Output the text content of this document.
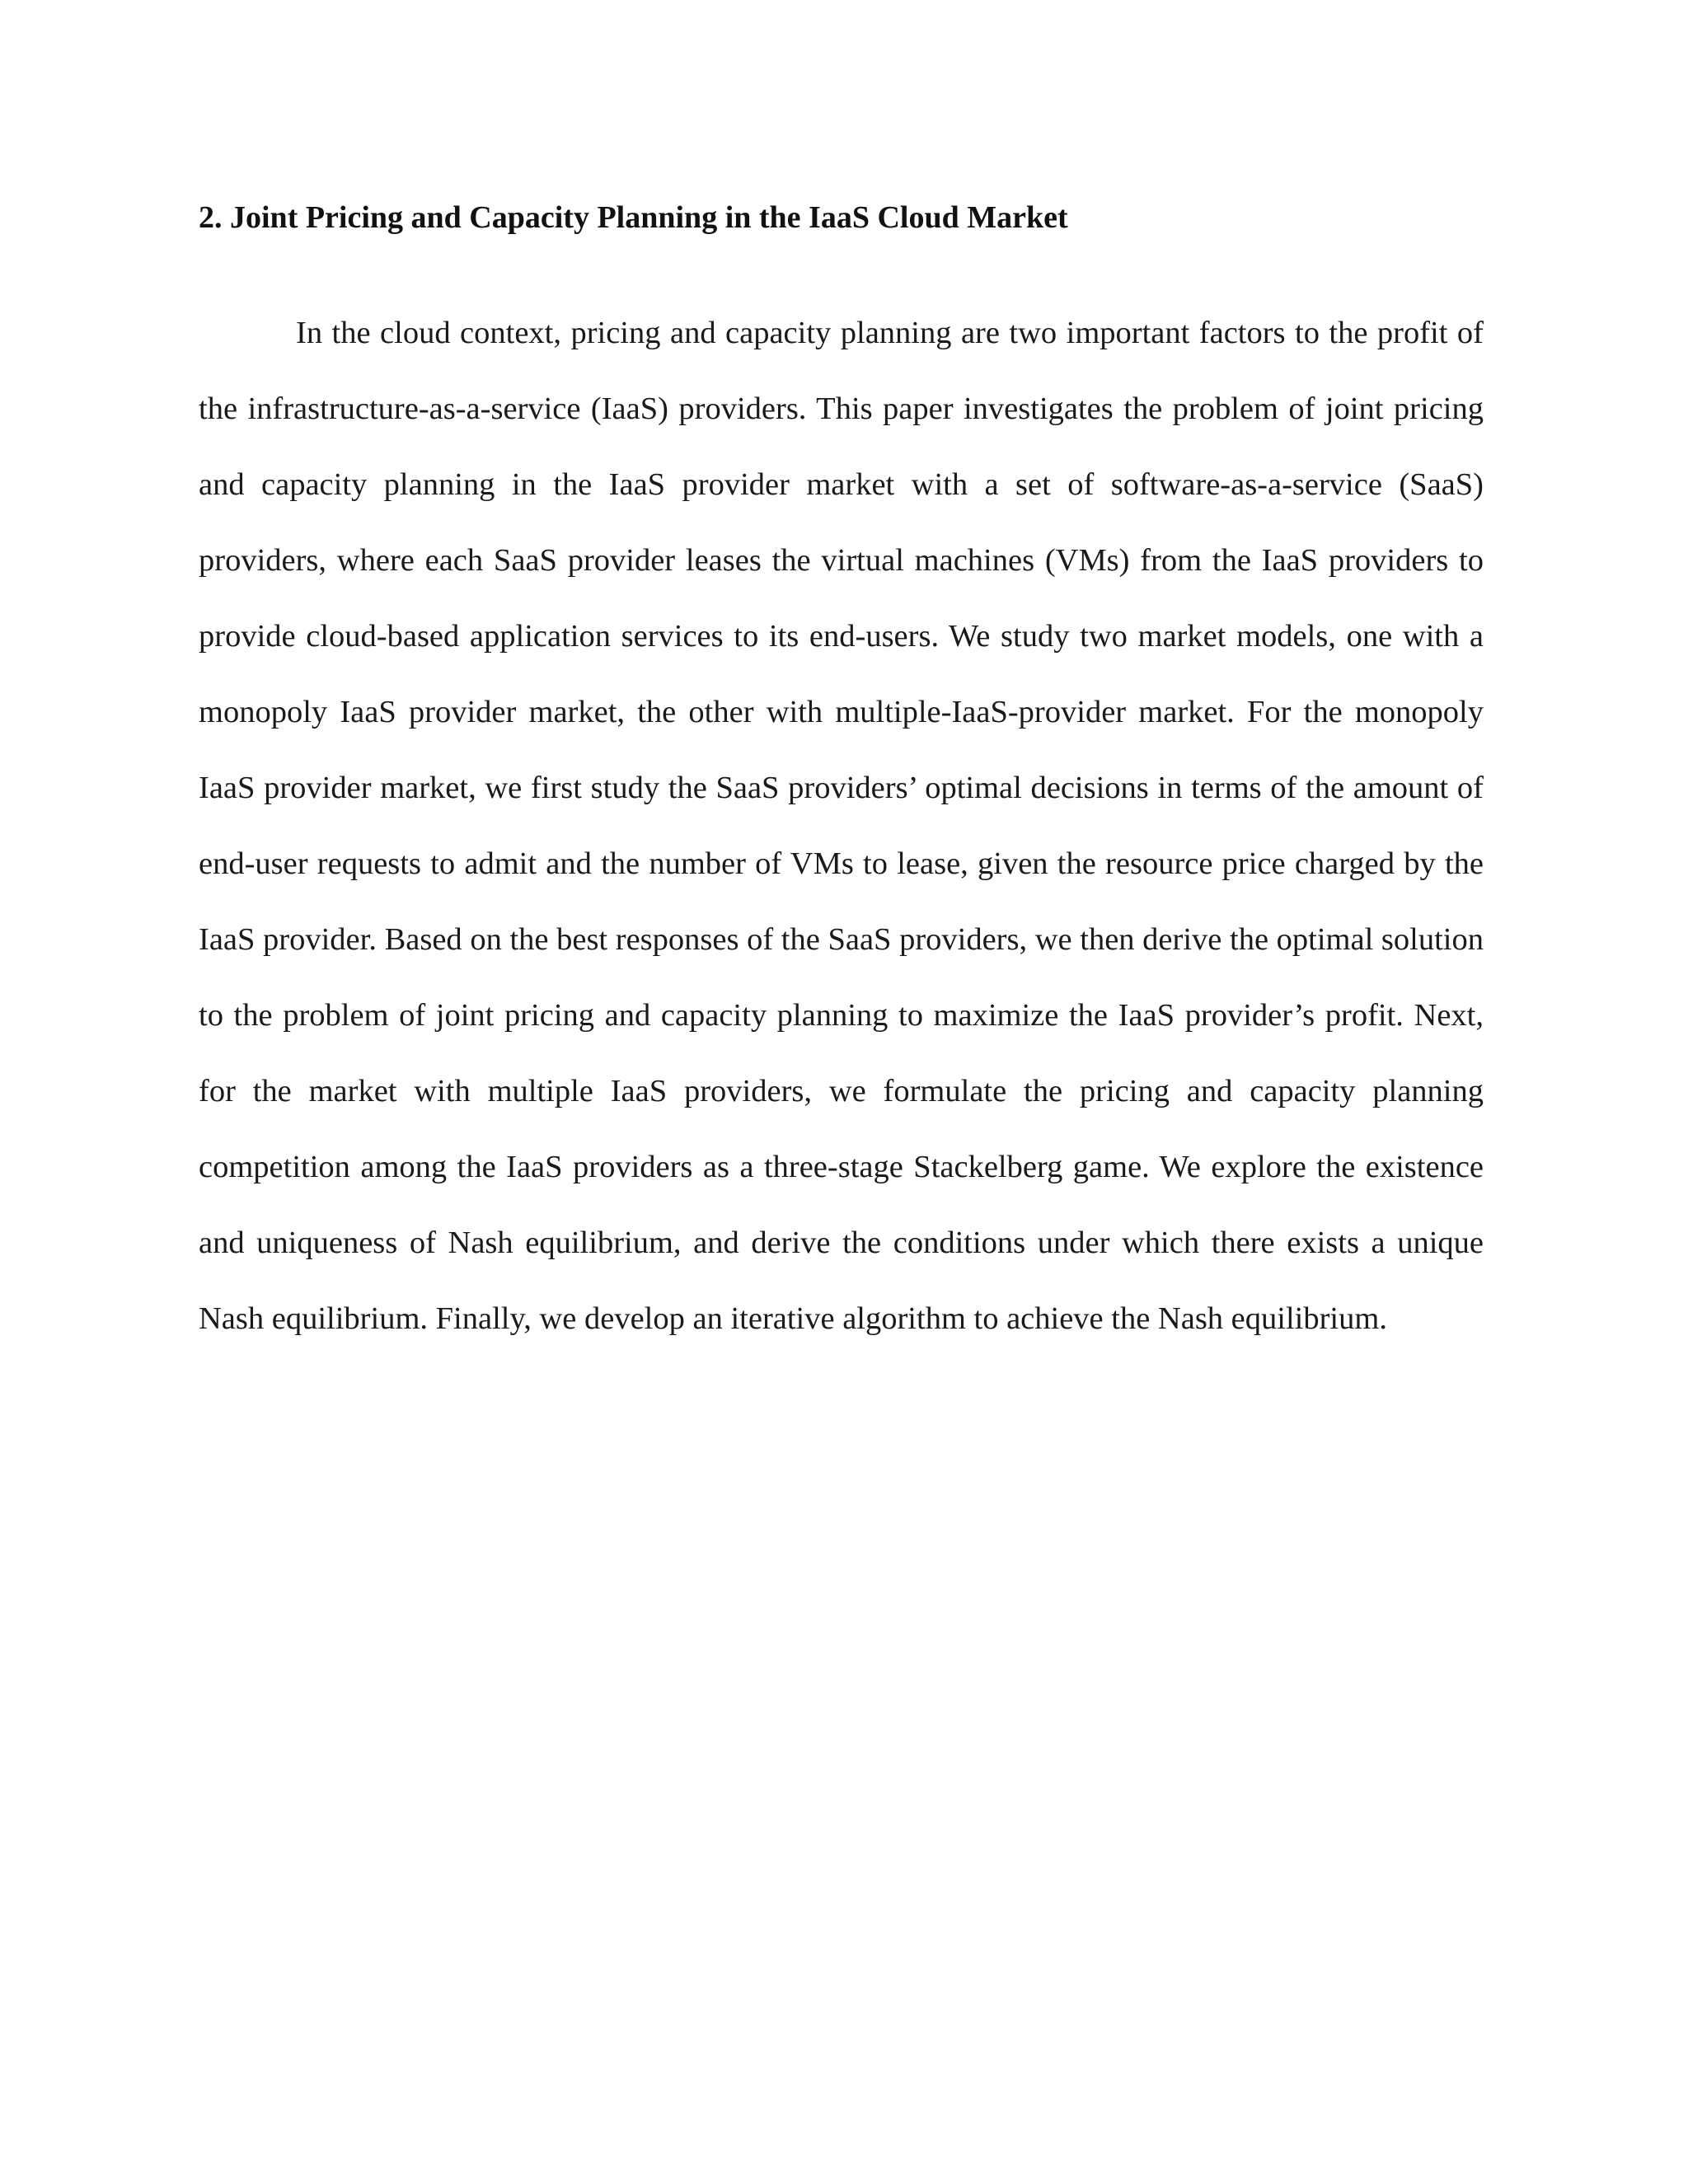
2. Joint Pricing and Capacity Planning in the IaaS Cloud Market

In the cloud context, pricing and capacity planning are two important factors to the profit of the infrastructure-as-a-service (IaaS) providers. This paper investigates the problem of joint pricing and capacity planning in the IaaS provider market with a set of software-as-a-service (SaaS) providers, where each SaaS provider leases the virtual machines (VMs) from the IaaS providers to provide cloud-based application services to its end-users. We study two market models, one with a monopoly IaaS provider market, the other with multiple-IaaS-provider market. For the monopoly IaaS provider market, we first study the SaaS providers’ optimal decisions in terms of the amount of end-user requests to admit and the number of VMs to lease, given the resource price charged by the IaaS provider. Based on the best responses of the SaaS providers, we then derive the optimal solution to the problem of joint pricing and capacity planning to maximize the IaaS provider’s profit. Next, for the market with multiple IaaS providers, we formulate the pricing and capacity planning competition among the IaaS providers as a three-stage Stackelberg game. We explore the existence and uniqueness of Nash equilibrium, and derive the conditions under which there exists a unique Nash equilibrium. Finally, we develop an iterative algorithm to achieve the Nash equilibrium.
